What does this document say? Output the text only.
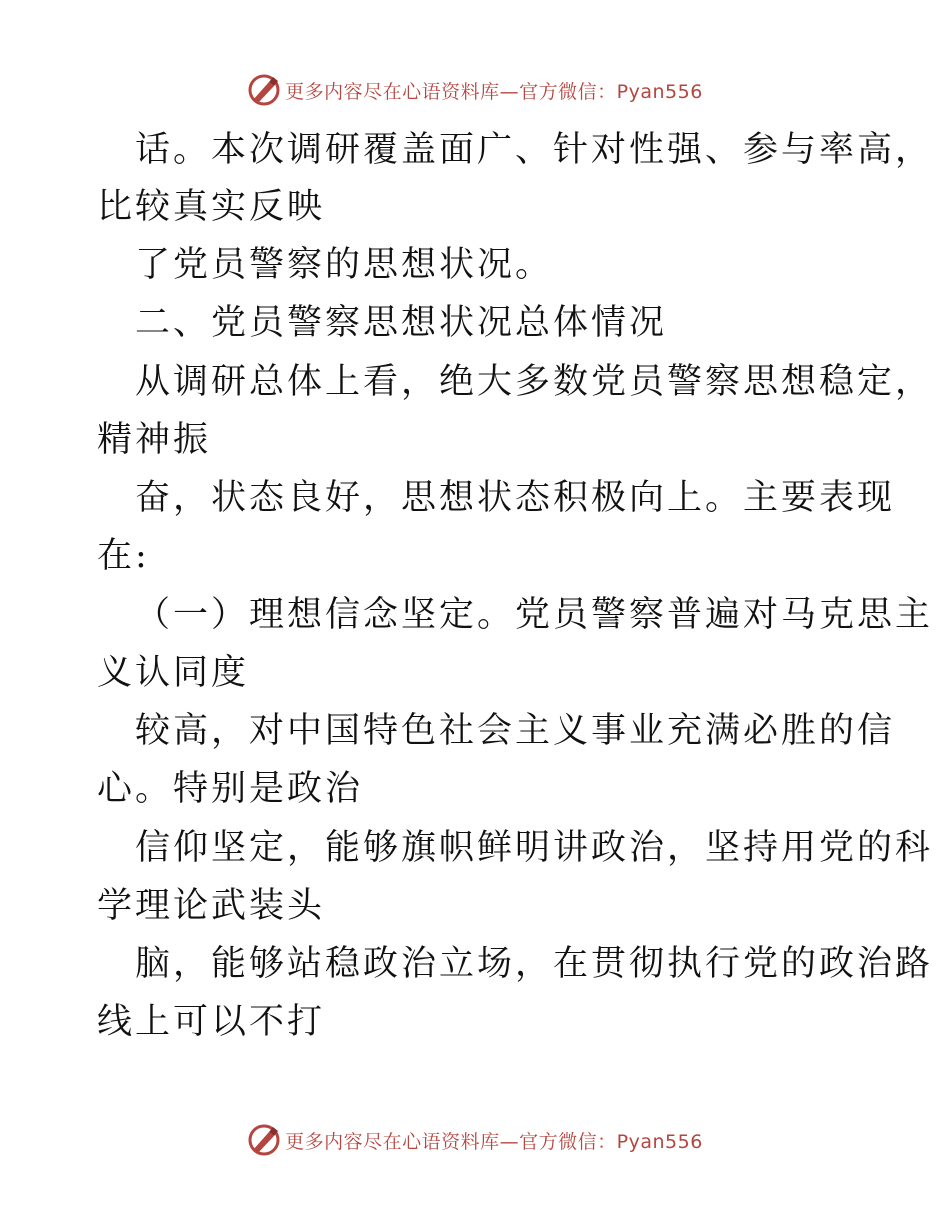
更多内容尽在心语资料库—官方微信：Pyan556
话。本次调研覆盖面广、针对性强、参与率高，
比较真实反映
了党员警察的思想状况。
二、党员警察思想状况总体情况
从调研总体上看，绝大多数党员警察思想稳定，
精神振
奋，状态良好，思想状态积极向上。主要表现
在:
（一）理想信念坚定。党员警察普遍对马克思主
义认同度
较高，对中国特色社会主义事业充满必胜的信
心。特别是政治
信仰坚定，能够旗帜鲜明讲政治，坚持用党的科
学理论武装头
脑，能够站稳政治立场，在贯彻执行党的政治路
线上可以不打
更多内容尽在心语资料库—官方微信：Pyan556
